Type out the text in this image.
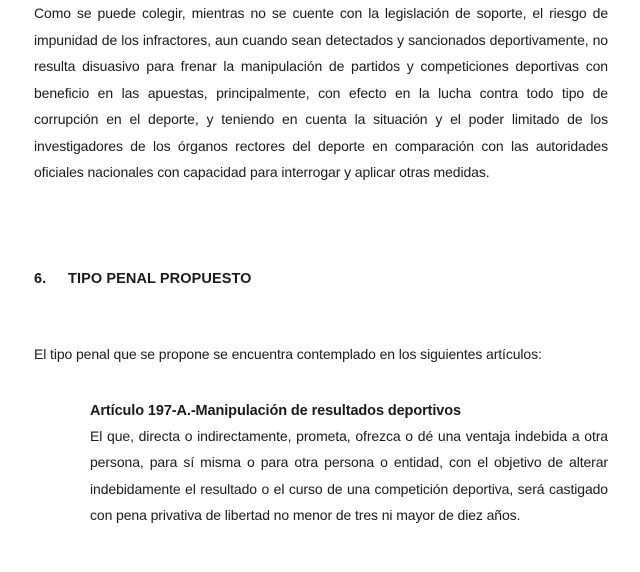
Como se puede colegir, mientras no se cuente con la legislación de soporte, el riesgo de impunidad de los infractores, aun cuando sean detectados y sancionados deportivamente, no resulta disuasivo para frenar la manipulación de partidos y competiciones deportivas con beneficio en las apuestas, principalmente, con efecto en la lucha contra todo tipo de corrupción en el deporte, y teniendo en cuenta la situación y el poder limitado de los investigadores de los órganos rectores del deporte en comparación con las autoridades oficiales nacionales con capacidad para interrogar y aplicar otras medidas.

6. TIPO PENAL PROPUESTO

El tipo penal que se propone se encuentra contemplado en los siguientes artículos:

Artículo 197-A.-Manipulación de resultados deportivos

El que, directa o indirectamente, prometa, ofrezca o dé una ventaja indebida a otra persona, para sí misma o para otra persona o entidad, con el objetivo de alterar indebidamente el resultado o el curso de una competición deportiva, será castigado con pena privativa de libertad no menor de tres ni mayor de diez años.
